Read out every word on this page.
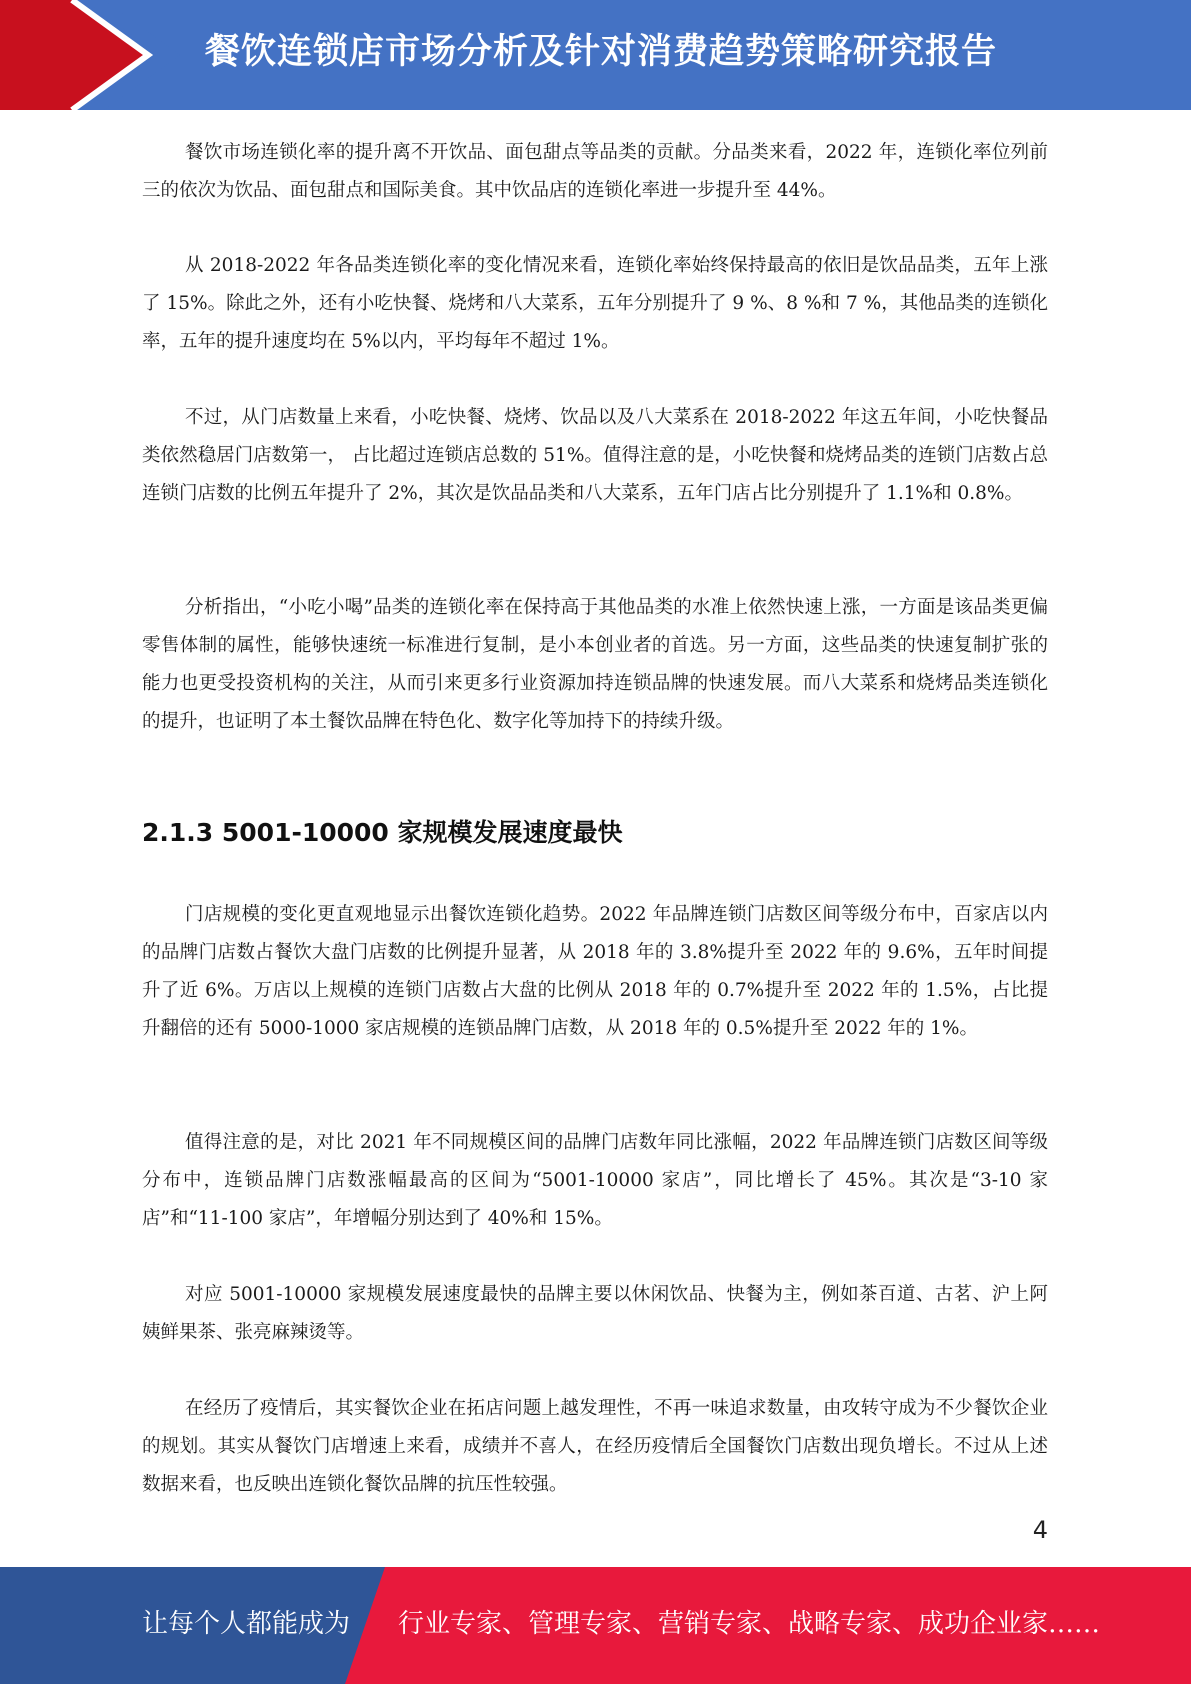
餐饮连锁店市场分析及针对消费趋势策略研究报告

餐饮市场连锁化率的提升离不开饮品、面包甜点等品类的贡献。分品类来看，2022 年，连锁化率位列前三的依次为饮品、面包甜点和国际美食。其中饮品店的连锁化率进一步提升至 44%。

从 2018-2022 年各品类连锁化率的变化情况来看，连锁化率始终保持最高的依旧是饮品品类，五年上涨了 15%。除此之外，还有小吃快餐、烧烤和八大菜系，五年分别提升了 9 %、8 %和 7 %，其他品类的连锁化率，五年的提升速度均在 5%以内，平均每年不超过 1%。

不过，从门店数量上来看，小吃快餐、烧烤、饮品以及八大菜系在 2018-2022 年这五年间，小吃快餐品类依然稳居门店数第一， 占比超过连锁店总数的 51%。值得注意的是，小吃快餐和烧烤品类的连锁门店数占总连锁门店数的比例五年提升了 2%，其次是饮品品类和八大菜系，五年门店占比分别提升了 1.1%和 0.8%。

分析指出，“小吃小喝”品类的连锁化率在保持高于其他品类的水准上依然快速上涨，一方面是该品类更偏零售体制的属性，能够快速统一标准进行复制，是小本创业者的首选。另一方面，这些品类的快速复制扩张的能力也更受投资机构的关注，从而引来更多行业资源加持连锁品牌的快速发展。而八大菜系和烧烤品类连锁化的提升，也证明了本土餐饮品牌在特色化、数字化等加持下的持续升级。

2.1.3 5001-10000 家规模发展速度最快

门店规模的变化更直观地显示出餐饮连锁化趋势。2022 年品牌连锁门店数区间等级分布中，百家店以内的品牌门店数占餐饮大盘门店数的比例提升显著，从 2018 年的 3.8%提升至 2022 年的 9.6%，五年时间提升了近 6%。万店以上规模的连锁门店数占大盘的比例从 2018 年的 0.7%提升至 2022 年的 1.5%，占比提升翻倍的还有 5000-1000 家店规模的连锁品牌门店数，从 2018 年的 0.5%提升至 2022 年的 1%。

值得注意的是，对比 2021 年不同规模区间的品牌门店数年同比涨幅，2022 年品牌连锁门店数区间等级分布中，连锁品牌门店数涨幅最高的区间为“5001-10000 家店”，同比增长了 45%。其次是“3-10 家店”和“11-100 家店”，年增幅分别达到了 40%和 15%。

对应 5001-10000 家规模发展速度最快的品牌主要以休闲饮品、快餐为主，例如茶百道、古茗、沪上阿姨鲜果茶、张亮麻辣烫等。

在经历了疫情后，其实餐饮企业在拓店问题上越发理性，不再一味追求数量，由攻转守成为不少餐饮企业的规划。其实从餐饮门店增速上来看，成绩并不喜人，在经历疫情后全国餐饮门店数出现负增长。不过从上述数据来看，也反映出连锁化餐饮品牌的抗压性较强。

4
让每个人都能成为 行业专家、管理专家、营销专家、战略专家、成功企业家……
